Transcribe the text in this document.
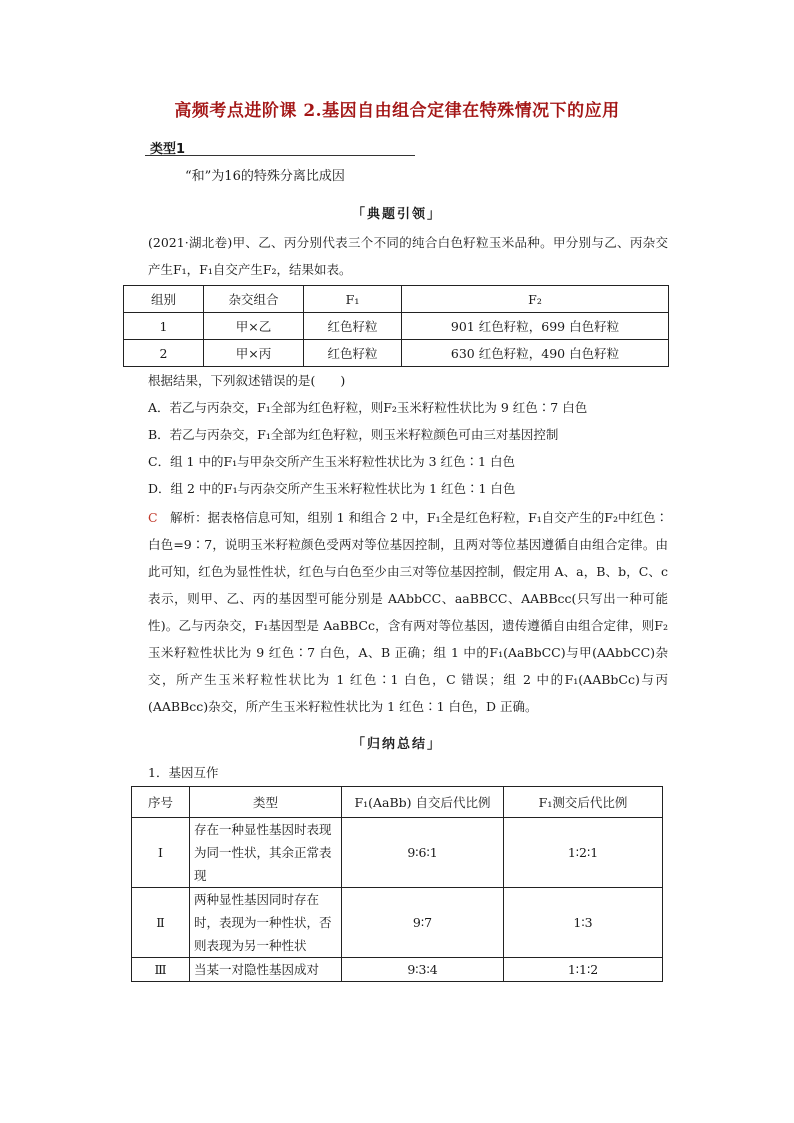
高频考点进阶课 2.基因自由组合定律在特殊情况下的应用
类型1
“和”为16的特殊分离比成因
「典题引领」
(2021·湖北卷)甲、乙、丙分别代表三个不同的纯合白色籽粒玉米品种。甲分别与乙、丙杂交产生F₁，F₁自交产生F₂，结果如表。
组别	杂交组合	F₁	F₂
1	甲×乙	红色籽粒	901 红色籽粒，699 白色籽粒
2	甲×丙	红色籽粒	630 红色籽粒，490 白色籽粒
根据结果，下列叙述错误的是(　　)
A．若乙与丙杂交，F₁全部为红色籽粒，则F₂玉米籽粒性状比为 9 红色∶7 白色
B．若乙与丙杂交，F₁全部为红色籽粒，则玉米籽粒颜色可由三对基因控制
C．组 1 中的F₁与甲杂交所产生玉米籽粒性状比为 3 红色∶1 白色
D．组 2 中的F₁与丙杂交所产生玉米籽粒性状比为 1 红色∶1 白色
C　 解析：据表格信息可知，组别 1 和组合 2 中，F₁全是红色籽粒，F₁自交产生的F₂中红色∶白色=9∶7，说明玉米籽粒颜色受两对等位基因控制，且两对等位基因遵循自由组合定律。由此可知，红色为显性性状，红色与白色至少由三对等位基因控制，假定用 A、a，B、b，C、c 表示，则甲、乙、丙的基因型可能分别是 AAbbCC、aaBBCC、AABBcc(只写出一种可能性)。乙与丙杂交，F₁基因型是 AaBBCc，含有两对等位基因，遗传遵循自由组合定律，则F₂玉米籽粒性状比为 9 红色∶7 白色，A、B 正确；组 1 中的F₁(AaBbCC)与甲(AAbbCC)杂交，所产生玉米籽粒性状比为 1 红色∶1 白色，C 错误；组 2 中的F₁(AABbCc)与丙(AABBcc)杂交，所产生玉米籽粒性状比为 1 红色∶1 白色，D 正确。
「归纳总结」
1．基因互作
序号	类型	F₁(AaBb) 自交后代比例	F₁测交后代比例
Ⅰ	存在一种显性基因时表现为同一性状，其余正常表现	9∶6∶1	1∶2∶1
Ⅱ	两种显性基因同时存在时，表现为一种性状，否则表现为另一种性状	9∶7	1∶3
Ⅲ	当某一对隐性基因成对	9∶3∶4	1∶1∶2
